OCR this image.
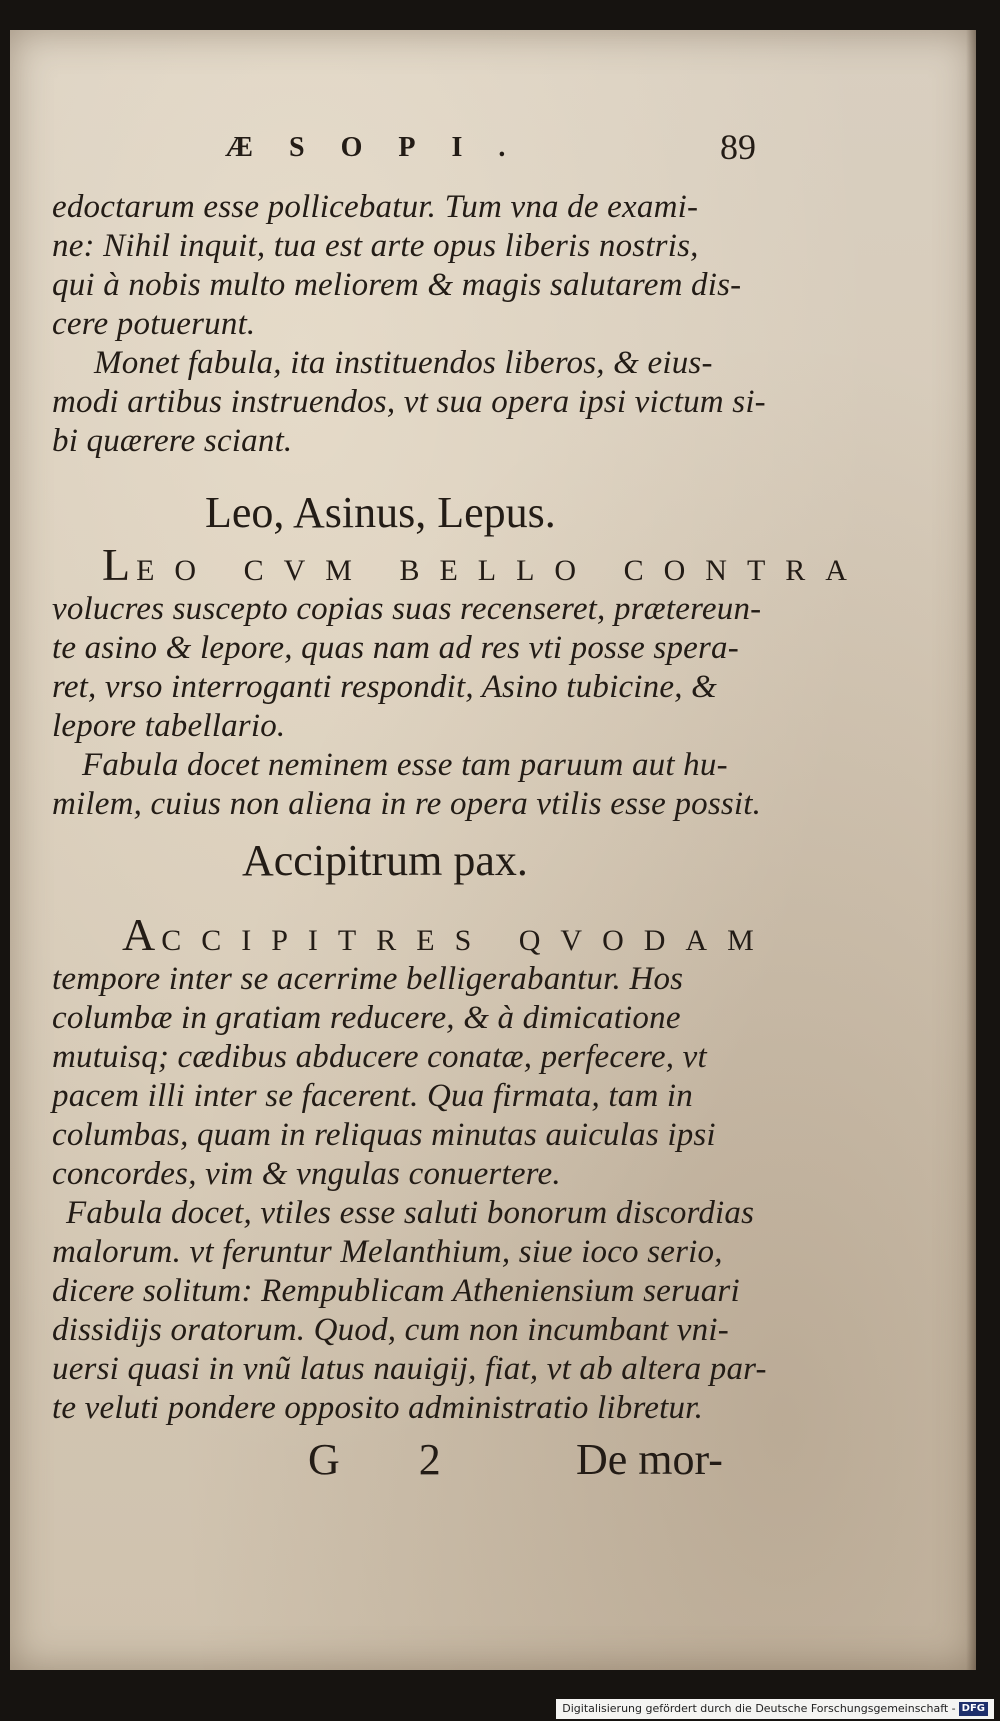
ÆSOPI.	89
edoctarum esse pollicebatur. Tum vna de exami-
ne: Nihil inquit, tua est arte opus liberis nostris,
qui à nobis multo meliorem & magis salutarem dis-
cere potuerunt.
Monet fabula, ita instituendos liberos, & eius-
modi artibus instruendos, vt sua opera ipsi victum si-
bi quærere sciant.
Leo, Asinus, Lepus.
LEO CVM BELLO CONTRA
volucres suscepto copias suas recenseret, prætereun-
te asino & lepore, quas nam ad res vti posse spera-
ret, vrso interroganti respondit, Asino tubicine, &
lepore tabellario.
Fabula docet neminem esse tam paruum aut hu-
milem, cuius non aliena in re opera vtilis esse possit.
Accipitrum pax.
ACCIPITRES QVODAM
tempore inter se acerrime belligerabantur. Hos
columbæ in gratiam reducere, & à dimicatione
mutuisq; cædibus abducere conatæ, perfecere, vt
pacem illi inter se facerent. Qua firmata, tam in
columbas, quam in reliquas minutas auiculas ipsi
concordes, vim & vngulas conuertere.
Fabula docet, vtiles esse saluti bonorum discordias
malorum. vt feruntur Melanthium, siue ioco serio,
dicere solitum: Rempublicam Atheniensium seruari
dissidijs oratorum. Quod, cum non incumbant vni-
uersi quasi in vnũ latus nauigij, fiat, vt ab altera par-
te veluti pondere opposito administratio libretur.
G 2 De mor-
Digitalisierung gefördert durch die Deutsche Forschungsgemeinschaft - DFG
